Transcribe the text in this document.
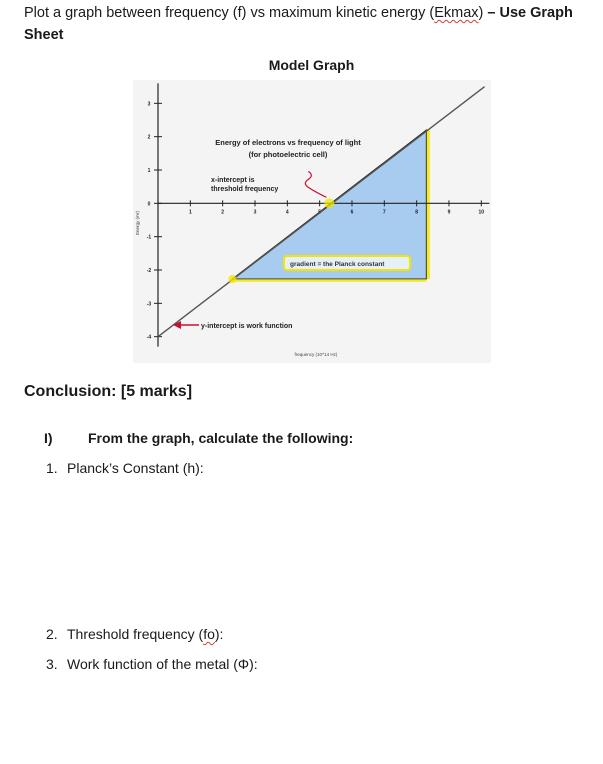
Plot a graph between frequency (f) vs maximum kinetic energy (Ekmax) – Use Graph
Sheet
Model Graph
1	2	3	4	6	7	8	9	10
3
2
1
0
-1
-2
-3
-4
Energy of electrons vs frequency of light
(for photoelectric cell)
x-intercept is
threshold frequency
gradient = the Planck constant
y-intercept is work function
frequency (10^14 Hz)
Energy (eV)
Conclusion: [5 marks]
I)	From the graph, calculate the following:
1. Planck’s Constant (h):
2. Threshold frequency (fo):
3. Work function of the metal (Φ):
